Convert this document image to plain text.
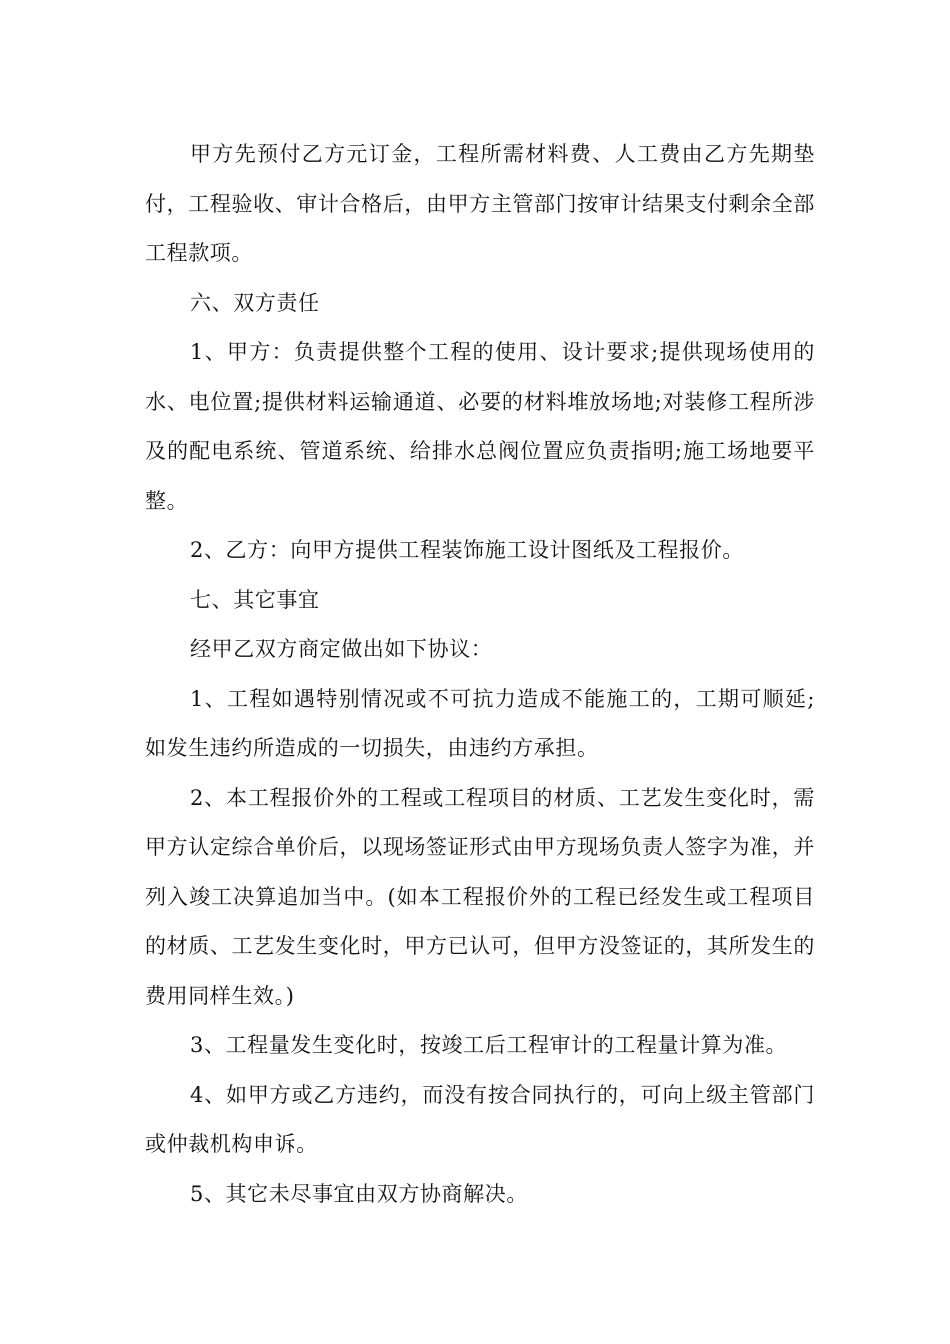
甲方先预付乙方元订金，工程所需材料费、人工费由乙方先期垫付，工程验收、审计合格后，由甲方主管部门按审计结果支付剩余全部工程款项。

六、双方责任

1、甲方：负责提供整个工程的使用、设计要求;提供现场使用的水、电位置;提供材料运输通道、必要的材料堆放场地;对装修工程所涉及的配电系统、管道系统、给排水总阀位置应负责指明;施工场地要平整。

2、乙方：向甲方提供工程装饰施工设计图纸及工程报价。

七、其它事宜

经甲乙双方商定做出如下协议：

1、工程如遇特别情况或不可抗力造成不能施工的，工期可顺延;如发生违约所造成的一切损失，由违约方承担。

2、本工程报价外的工程或工程项目的材质、工艺发生变化时，需甲方认定综合单价后，以现场签证形式由甲方现场负责人签字为准，并列入竣工决算追加当中。(如本工程报价外的工程已经发生或工程项目的材质、工艺发生变化时，甲方已认可，但甲方没签证的，其所发生的费用同样生效。)

3、工程量发生变化时，按竣工后工程审计的工程量计算为准。

4、如甲方或乙方违约，而没有按合同执行的，可向上级主管部门或仲裁机构申诉。

5、其它未尽事宜由双方协商解决。
